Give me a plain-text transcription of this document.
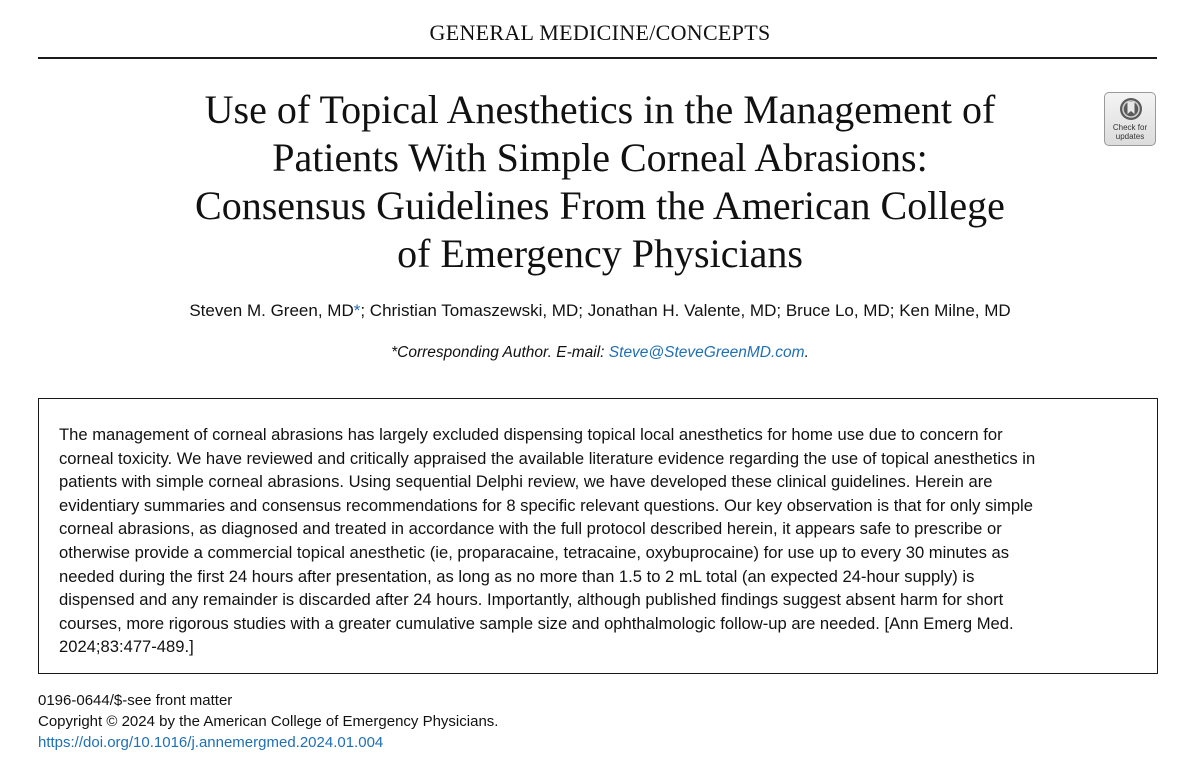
GENERAL MEDICINE/CONCEPTS
Use of Topical Anesthetics in the Management of
Patients With Simple Corneal Abrasions:
Consensus Guidelines From the American College
of Emergency Physicians
Check for
updates
Steven M. Green, MD*; Christian Tomaszewski, MD; Jonathan H. Valente, MD; Bruce Lo, MD; Ken Milne, MD
*Corresponding Author. E-mail: Steve@SteveGreenMD.com.

The management of corneal abrasions has largely excluded dispensing topical local anesthetics for home use due to concern for
corneal toxicity. We have reviewed and critically appraised the available literature evidence regarding the use of topical anesthetics in
patients with simple corneal abrasions. Using sequential Delphi review, we have developed these clinical guidelines. Herein are
evidentiary summaries and consensus recommendations for 8 specific relevant questions. Our key observation is that for only simple
corneal abrasions, as diagnosed and treated in accordance with the full protocol described herein, it appears safe to prescribe or
otherwise provide a commercial topical anesthetic (ie, proparacaine, tetracaine, oxybuprocaine) for use up to every 30 minutes as
needed during the first 24 hours after presentation, as long as no more than 1.5 to 2 mL total (an expected 24-hour supply) is
dispensed and any remainder is discarded after 24 hours. Importantly, although published findings suggest absent harm for short
courses, more rigorous studies with a greater cumulative sample size and ophthalmologic follow-up are needed. [Ann Emerg Med.
2024;83:477-489.]

0196-0644/$-see front matter
Copyright © 2024 by the American College of Emergency Physicians.
https://doi.org/10.1016/j.annemergmed.2024.01.004
